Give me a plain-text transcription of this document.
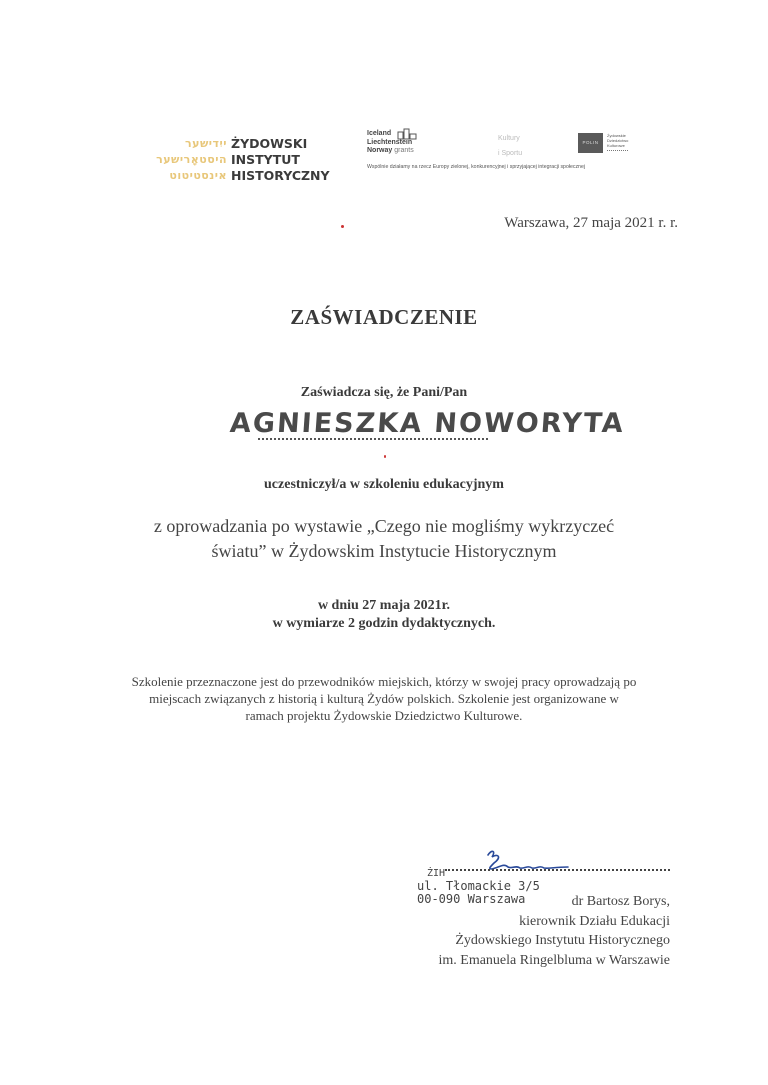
ייִדישער
היסטאָרישער
אינסטיטוט
ŻYDOWSKI
INSTYTUT
HISTORYCZNY
Iceland
Liechtenstein
Norway grants
Kultury
i Sportu
POLIN
Żydowskie
Dziedzictwo
Kulturowe
Wspólnie działamy na rzecz Europy zielonej, konkurencyjnej i sprzyjającej integracji społecznej
Warszawa, 27 maja 2021 r. r.
ZAŚWIADCZENIE
Zaświadcza się, że Pani/Pan
AGNIESZKA NOWORYTA
uczestniczył/a w szkoleniu edukacyjnym
z oprowadzania po wystawie „Czego nie mogliśmy wykrzyczeć
światu” w Żydowskim Instytucie Historycznym
w dniu 27 maja 2021r.
w wymiarze 2 godzin dydaktycznych.
Szkolenie przeznaczone jest do przewodników miejskich, którzy w swojej pracy oprowadzają po
miejscach związanych z historią i kulturą Żydów polskich. Szkolenie jest organizowane w
ramach projektu Żydowskie Dziedzictwo Kulturowe.
ŻIH
ul. Tłomackie 3/5
00-090 Warszawa	dr Bartosz Borys,
kierownik Działu Edukacji
Żydowskiego Instytutu Historycznego
im. Emanuela Ringelbluma w Warszawie
